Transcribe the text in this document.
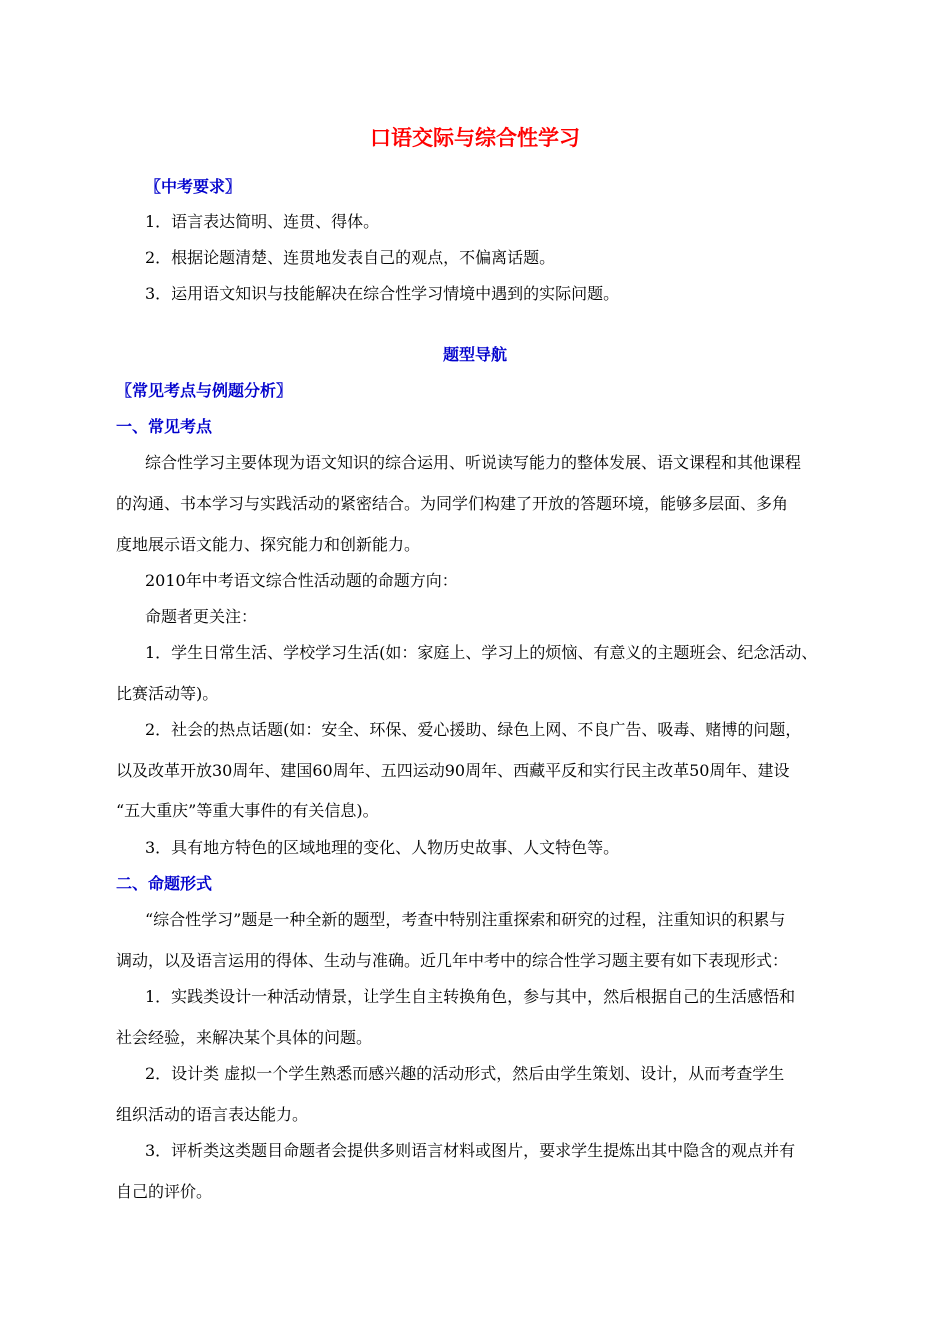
口语交际与综合性学习
〖中考要求〗
1．语言表达简明、连贯、得体。
2．根据论题清楚、连贯地发表自己的观点，不偏离话题。
3．运用语文知识与技能解决在综合性学习情境中遇到的实际问题。
题型导航
〖常见考点与例题分析〗
一、常见考点
综合性学习主要体现为语文知识的综合运用、听说读写能力的整体发展、语文课程和其他课程
的沟通、书本学习与实践活动的紧密结合。为同学们构建了开放的答题环境，能够多层面、多角
度地展示语文能力、探究能力和创新能力。
2010年中考语文综合性活动题的命题方向：
命题者更关注：
1．学生日常生活、学校学习生活(如：家庭上、学习上的烦恼、有意义的主题班会、纪念活动、
比赛活动等)。
2．社会的热点话题(如：安全、环保、爱心援助、绿色上网、不良广告、吸毒、赌博的问题，
以及改革开放30周年、建国60周年、五四运动90周年、西藏平反和实行民主改革50周年、建设
“五大重庆”等重大事件的有关信息)。
3．具有地方特色的区域地理的变化、人物历史故事、人文特色等。
二、命题形式
“综合性学习”题是一种全新的题型，考查中特别注重探索和研究的过程，注重知识的积累与
调动，以及语言运用的得体、生动与准确。近几年中考中的综合性学习题主要有如下表现形式：
1．实践类设计一种活动情景，让学生自主转换角色，参与其中，然后根据自己的生活感悟和
社会经验，来解决某个具体的问题。
2．设计类 虚拟一个学生熟悉而感兴趣的活动形式，然后由学生策划、设计，从而考查学生
组织活动的语言表达能力。
3．评析类这类题目命题者会提供多则语言材料或图片，要求学生提炼出其中隐含的观点并有
自己的评价。
